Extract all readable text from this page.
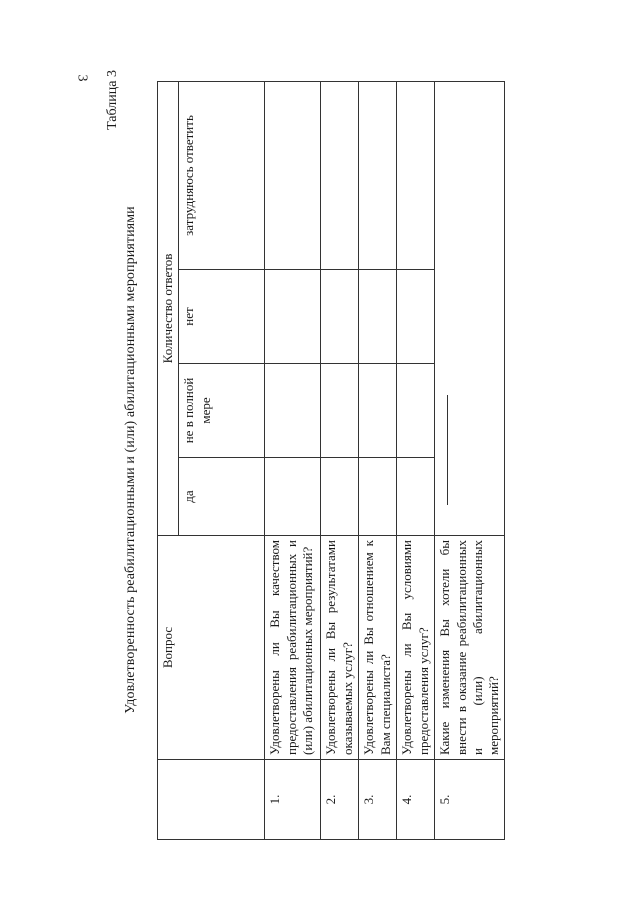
3 Таблица 3
Удовлетворенность реабилитационными и (или) абилитационными мероприятиями
	Вопрос	Количество ответов			
		да	не в полной мере	нет	затрудняюсь ответить
1.	Удовлетворены ли Вы качеством предоставления реабилитационных и (или) абилитационных мероприятий?				
2.	Удовлетворены ли Вы результатами оказываемых услуг?				
3.	Удовлетворены ли Вы отношением к Вам специалиста?				
4.	Удовлетворены ли Вы условиями предоставления услуг?				
5.	Какие изменения Вы хотели бы внести в оказание реабилитационных и (или) абилитационных мероприятий?				
